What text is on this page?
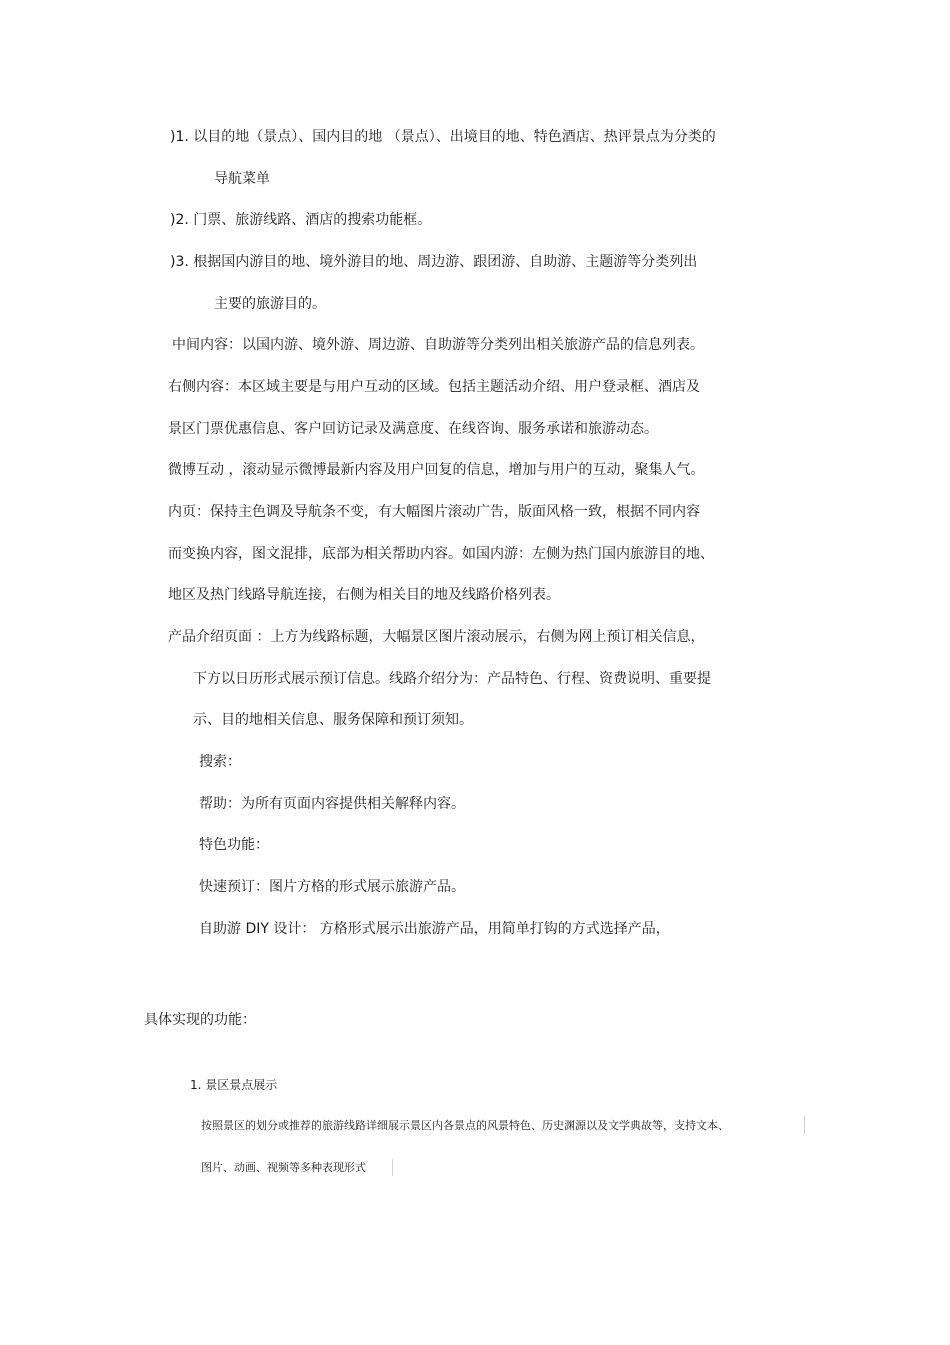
)1. 以目的地（景点）、国内目的地 （景点）、出境目的地、特色酒店、热评景点为分类的
导航菜单
)2. 门票、旅游线路、酒店的搜索功能框。
)3. 根据国内游目的地、境外游目的地、周边游、跟团游、自助游、主题游等分类列出
主要的旅游目的。
中间内容：以国内游、境外游、周边游、自助游等分类列出相关旅游产品的信息列表。
右侧内容：本区域主要是与用户互动的区域。包括主题活动介绍、用户登录框、酒店及
景区门票优惠信息、客户回访记录及满意度、在线咨询、服务承诺和旅游动态。
微博互动 ，滚动显示微博最新内容及用户回复的信息，增加与用户的互动，聚集人气。
内页：保持主色调及导航条不变，有大幅图片滚动广告，版面风格一致，根据不同内容
而变换内容，图文混排，底部为相关帮助内容。如国内游：左侧为热门国内旅游目的地、
地区及热门线路导航连接，右侧为相关目的地及线路价格列表。
产品介绍页面 ：上方为线路标题，大幅景区图片滚动展示，右侧为网上预订相关信息，
下方以日历形式展示预订信息。线路介绍分为：产品特色、行程、资费说明、重要提
示、目的地相关信息、服务保障和预订须知。
搜索：
帮助：为所有页面内容提供相关解释内容。
特色功能：
快速预订：图片方格的形式展示旅游产品。
自助游 DIY 设计： 方格形式展示出旅游产品，用简单打钩的方式选择产品，
具体实现的功能：
1. 景区景点展示
按照景区的划分或推荐的旅游线路详细展示景区内各景点的风景特色、历史渊源以及文学典故等，支持文本、
图片、动画、视频等多种表现形式
